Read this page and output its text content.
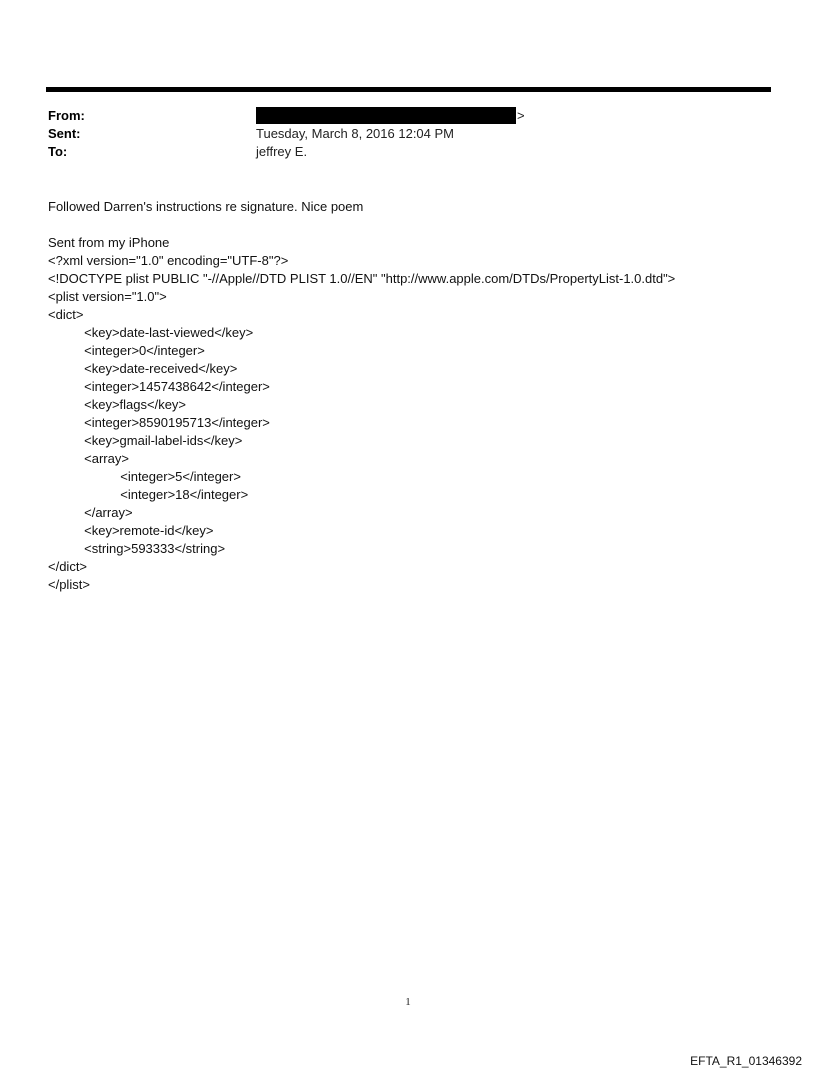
From:	>
Sent:	Tuesday, March 8, 2016 12:04 PM
To:	jeffrey E.
Followed Darren's instructions re signature. Nice poem
Sent from my iPhone
<?xml version="1.0" encoding="UTF-8"?>
<!DOCTYPE plist PUBLIC "-//Apple//DTD PLIST 1.0//EN" "http://www.apple.com/DTDs/PropertyList-1.0.dtd">
<plist version="1.0">
<dict>
<key>date-last-viewed</key>
<integer>0</integer>
<key>date-received</key>
<integer>1457438642</integer>
<key>flags</key>
<integer>8590195713</integer>
<key>gmail-label-ids</key>
<array>
<integer>5</integer>
<integer>18</integer>
</array>
<key>remote-id</key>
<string>593333</string>
</dict>
</plist>
1
EFTA_R1_01346392
